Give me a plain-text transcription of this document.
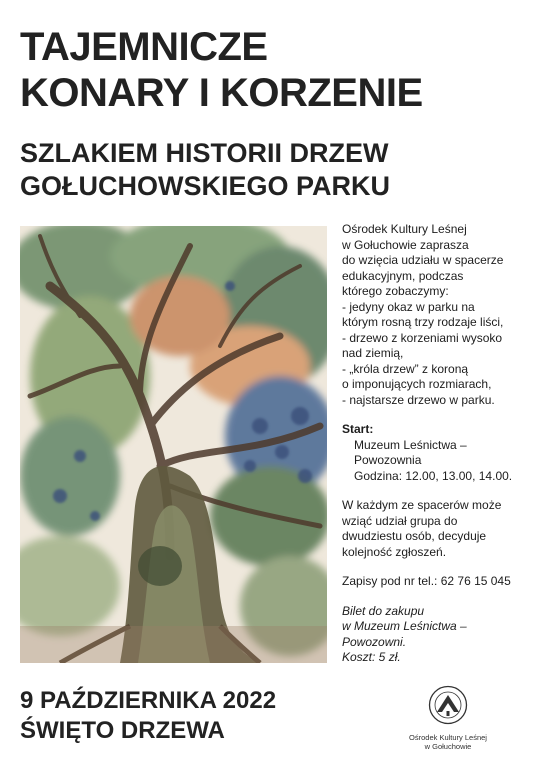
TAJEMNICZE
KONARY I KORZENIE
SZLAKIEM HISTORII DRZEW
GOŁUCHOWSKIEGO PARKU

Ośrodek Kultury Leśnej

w Gołuchowie zaprasza

do wzięcia udziału w spacerze

edukacyjnym, podczas

którego zobaczymy:

- jedyny okaz w parku na

którym rosną trzy rodzaje liści,

- drzewo z korzeniami wysoko

nad ziemią,

- „króla drzew” z koroną

o imponujących rozmiarach,

- najstarsze drzewo w parku.

Start:

Muzeum Leśnictwa –

Powozownia

Godzina: 12.00, 13.00, 14.00.

W każdym ze spacerów może

wziąć udział grupa do

dwudziestu osób, decyduje

kolejność zgłoszeń.

Zapisy pod nr tel.: 62 76 15 045

Bilet do zakupu

w Muzeum Leśnictwa –

Powozowni.

Koszt: 5 zł.

9 PAŹDZIERNIKA 2022
ŚWIĘTO DRZEWA	Ośrodek Kultury Leśnej
w Gołuchowie
